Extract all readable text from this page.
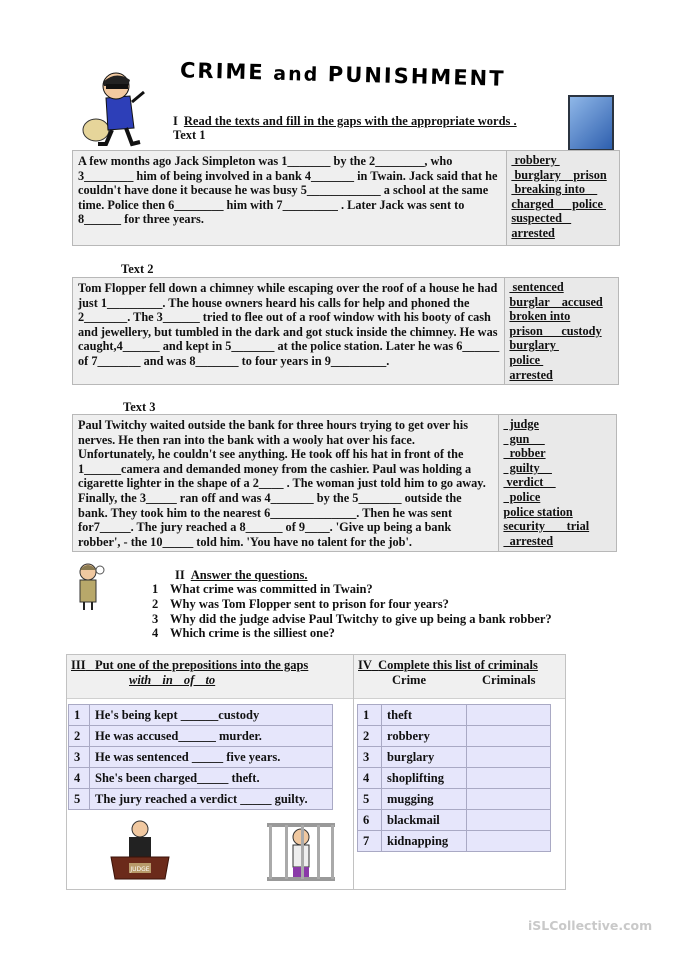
CRIME and PUNISHMENT
I Read the texts and fill in the gaps with the appropriate words .
Text 1
A few months ago Jack Simpleton was 1_______ by the 2________, who 3________ him of being involved in a bank 4_______ in Twain. Jack said that he couldn't have done it because he was busy 5____________ a school at the same time. Police then 6________ him with 7_________ . Later Jack was sent to 8______ for three years.
robbery
burglary    prison
breaking into
charged      police
suspected
arrested
Text 2
Tom Flopper fell down a chimney while escaping over the roof of a house he had just 1_________. The house owners heard his calls for help and phoned the 2_______. The 3______ tried to flee out of a roof window with his booty of cash and jewellery, but tumbled in the dark and got stuck inside the chimney. He was caught,4______ and kept in 5_______ at the police station. Later he was 6______ of 7_______ and was 8_______ to four years in 9_________.
sentenced
burglar    accused
broken into
prison      custody
burglary
police
arrested
Text 3
Paul Twitchy waited outside the bank for three hours trying to get over his nerves. He then ran into the bank with a wooly hat over his face. Unfortunately, he couldn't see anything. He took off his hat in front of the 1______camera and demanded money from the cashier. Paul was holding a cigarette lighter in the shape of a 2____ . The woman just told him to go away. Finally, the 3_____ ran off and was 4_______ by the 5_______ outside the bank. They took him to the nearest 6______________. Then he was sent for7_____. The jury reached a 8______ of 9____. 'Give up being a bank robber', - the 10_____ told him. 'You have no talent for the job'.
judge
gun
robber
guilty
verdict
police
police station
security       trial
arrested
II Answer the questions.
1 What crime was committed in Twain?
2 Why was Tom Flopper sent to prison for four years?
3 Why did the judge advise Paul Twitchy to give up being a bank robber?
4 Which crime is the silliest one?
III Put one of the prepositions into the gaps
with in of to
1	He's being kept ______custody
2	He was accused______ murder.
3	He was sentenced _____ five years.
4	She's been charged_____ theft.
5	The jury reached a verdict _____ guilty.
JUDGE
IV Complete this list of criminals
Crime	Criminals
1	theft	
2	robbery	
3	burglary	
4	shoplifting	
5	mugging	
6	blackmail	
7	kidnapping	
iSLCollective.com
